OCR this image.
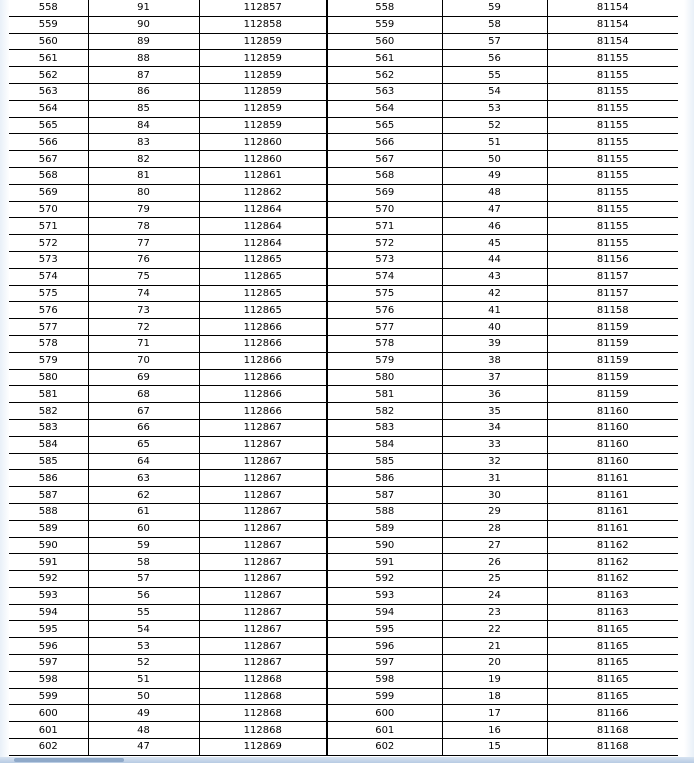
558	91	112857	558	59	81154
559	90	112858	559	58	81154
560	89	112859	560	57	81154
561	88	112859	561	56	81155
562	87	112859	562	55	81155
563	86	112859	563	54	81155
564	85	112859	564	53	81155
565	84	112859	565	52	81155
566	83	112860	566	51	81155
567	82	112860	567	50	81155
568	81	112861	568	49	81155
569	80	112862	569	48	81155
570	79	112864	570	47	81155
571	78	112864	571	46	81155
572	77	112864	572	45	81155
573	76	112865	573	44	81156
574	75	112865	574	43	81157
575	74	112865	575	42	81157
576	73	112865	576	41	81158
577	72	112866	577	40	81159
578	71	112866	578	39	81159
579	70	112866	579	38	81159
580	69	112866	580	37	81159
581	68	112866	581	36	81159
582	67	112866	582	35	81160
583	66	112867	583	34	81160
584	65	112867	584	33	81160
585	64	112867	585	32	81160
586	63	112867	586	31	81161
587	62	112867	587	30	81161
588	61	112867	588	29	81161
589	60	112867	589	28	81161
590	59	112867	590	27	81162
591	58	112867	591	26	81162
592	57	112867	592	25	81162
593	56	112867	593	24	81163
594	55	112867	594	23	81163
595	54	112867	595	22	81165
596	53	112867	596	21	81165
597	52	112867	597	20	81165
598	51	112868	598	19	81165
599	50	112868	599	18	81165
600	49	112868	600	17	81166
601	48	112868	601	16	81168
602	47	112869	602	15	81168
